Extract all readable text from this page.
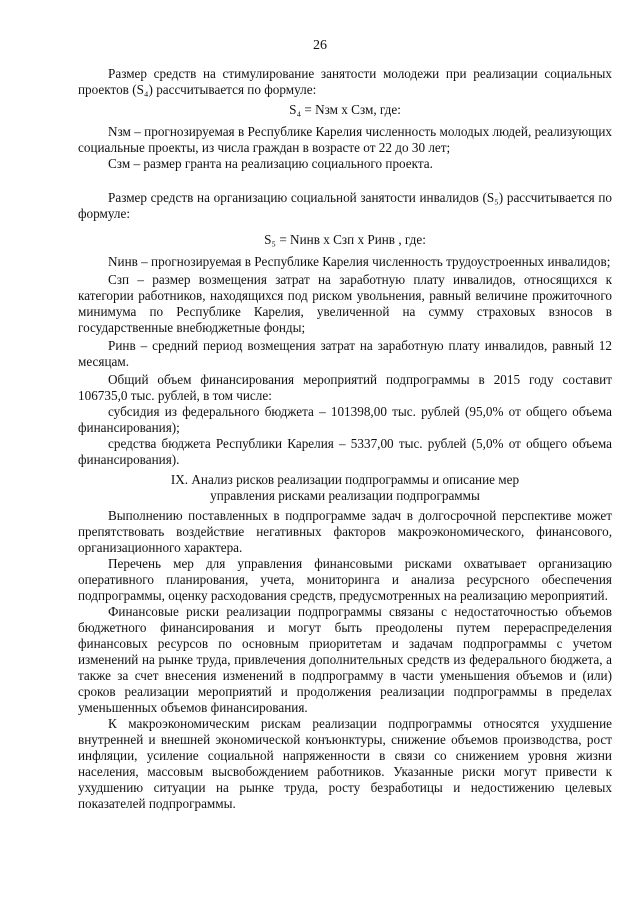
26

Размер средств на стимулирование занятости молодежи при реализации социальных проектов (S₄) рассчитывается по формуле:

S₄ = Nзм x Сзм, где:

Nзм – прогнозируемая в Республике Карелия численность молодых людей, реализующих социальные проекты, из числа граждан в возрасте от 22 до 30 лет;

Сзм – размер гранта на реализацию социального проекта.

Размер средств на организацию социальной занятости инвалидов (S₅) рассчитывается по формуле:

S₅ = Nинв x Сзп x Pинв , где:

Nинв – прогнозируемая в Республике Карелия численность трудоустроенных инвалидов;

Сзп – размер возмещения затрат на заработную плату инвалидов, относящихся к категории работников, находящихся под риском увольнения, равный величине прожиточного минимума по Республике Карелия, увеличенной на сумму страховых взносов в государственные внебюджетные фонды;

Pинв – средний период возмещения затрат на заработную плату инвалидов, равный 12 месяцам.

Общий объем финансирования мероприятий подпрограммы в 2015 году составит 106735,0 тыс. рублей, в том числе:

субсидия из федерального бюджета – 101398,00 тыс. рублей (95,0% от общего объема финансирования);

средства бюджета Республики Карелия – 5337,00 тыс. рублей (5,0% от общего объема финансирования).

IX. Анализ рисков реализации подпрограммы и описание мер

управления рисками реализации подпрограммы

Выполнению поставленных в подпрограмме задач в долгосрочной перспективе может препятствовать воздействие негативных факторов макроэкономического, финансового, организационного характера.

Перечень мер для управления финансовыми рисками охватывает организацию оперативного планирования, учета, мониторинга и анализа ресурсного обеспечения подпрограммы, оценку расходования средств, предусмотренных на реализацию мероприятий.

Финансовые риски реализации подпрограммы связаны с недостаточностью объемов бюджетного финансирования и могут быть преодолены путем перераспределения финансовых ресурсов по основным приоритетам и задачам подпрограммы с учетом изменений на рынке труда, привлечения дополнительных средств из федерального бюджета, а также за счет внесения изменений в подпрограмму в части уменьшения объемов и (или) сроков реализации мероприятий и продолжения реализации подпрограммы в пределах уменьшенных объемов финансирования.

К макроэкономическим рискам реализации подпрограммы относятся ухудшение внутренней и внешней экономической конъюнктуры, снижение объемов производства, рост инфляции, усиление социальной напряженности в связи со снижением уровня жизни населения, массовым высвобождением работников. Указанные риски могут привести к ухудшению ситуации на рынке труда, росту безработицы и недостижению целевых показателей подпрограммы.
